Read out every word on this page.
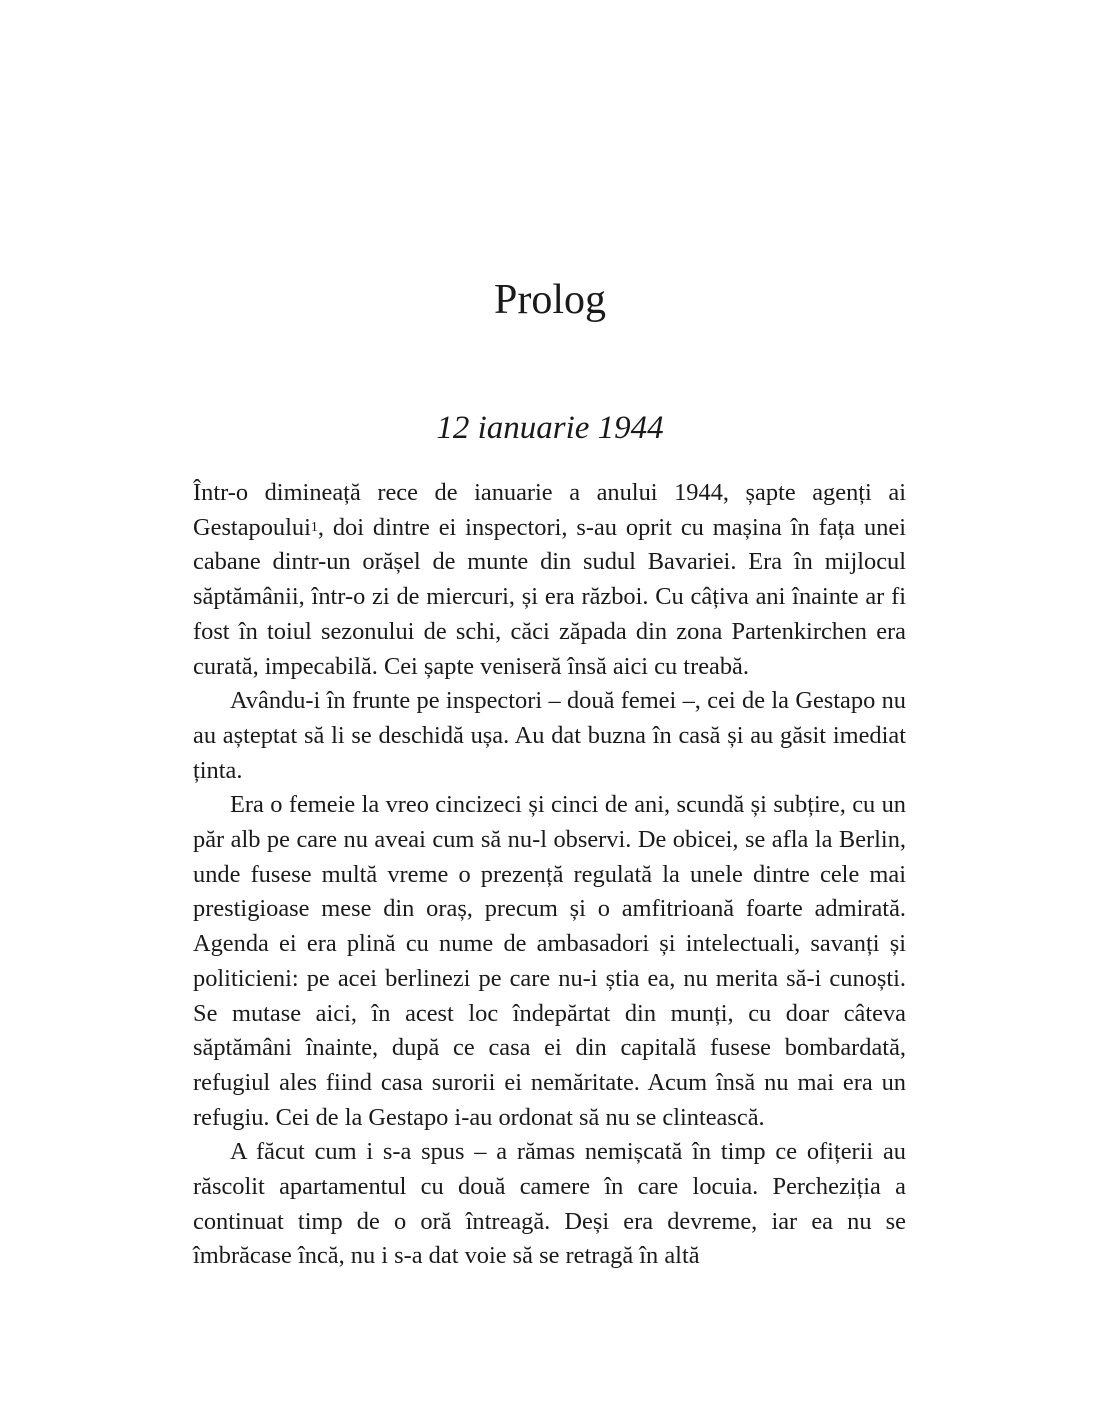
Prolog
12 ianuarie 1944

Într-o dimineață rece de ianuarie a anului 1944, șapte agenți ai Gestapoului$^1$, doi dintre ei inspectori, s-au oprit cu mașina în fața unei cabane dintr-un orășel de munte din sudul Bavariei. Era în mijlocul săptămânii, într-o zi de miercuri, și era război. Cu câțiva ani înainte ar fi fost în toiul sezonului de schi, căci zăpada din zona Partenkirchen era curată, impecabilă. Cei șapte veniseră însă aici cu treabă.

Avându-i în frunte pe inspectori – două femei –, cei de la Gestapo nu au așteptat să li se deschidă ușa. Au dat buzna în casă și au găsit imediat ținta.

Era o femeie la vreo cincizeci și cinci de ani, scundă și subțire, cu un păr alb pe care nu aveai cum să nu-l observi. De obicei, se afla la Berlin, unde fusese multă vreme o prezență regulată la unele dintre cele mai prestigioase mese din oraș, precum și o amfitrioană foarte admirată. Agenda ei era plină cu nume de ambasadori și intelectuali, savanți și politicieni: pe acei berlinezi pe care nu-i știa ea, nu merita să-i cunoști. Se mutase aici, în acest loc îndepărtat din munți, cu doar câteva săptămâni înainte, după ce casa ei din capitală fusese bombardată, refugiul ales fiind casa surorii ei nemăritate. Acum însă nu mai era un refugiu. Cei de la Gestapo i-au ordonat să nu se clintească.

A făcut cum i s-a spus – a rămas nemișcată în timp ce ofițerii au răscolit apartamentul cu două camere în care locuia. Percheziția a continuat timp de o oră întreagă. Deși era devreme, iar ea nu se îmbrăcase încă, nu i s-a dat voie să se retragă în altă
